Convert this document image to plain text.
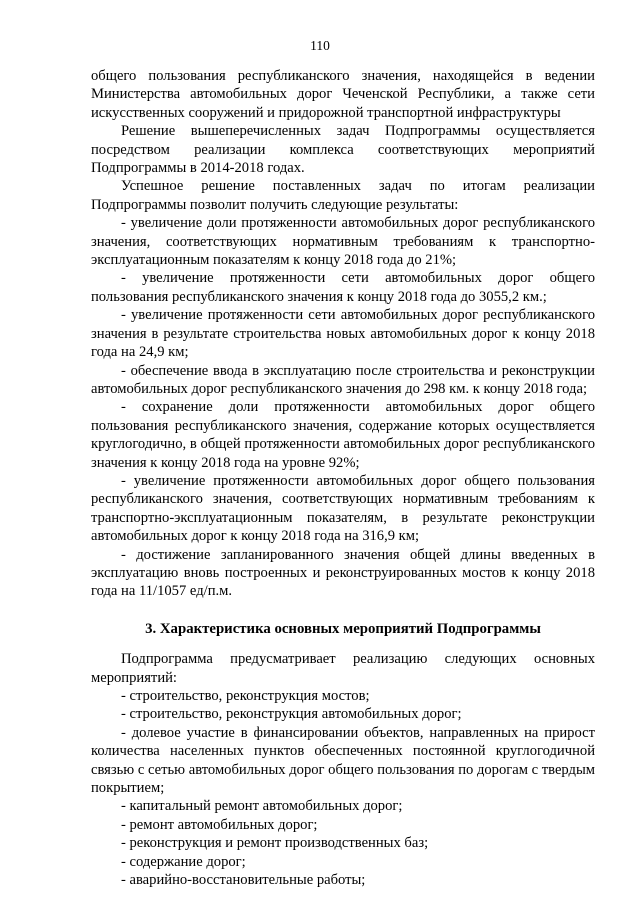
110

общего пользования республиканского значения, находящейся в ведении Министерства автомобильных дорог Чеченской Республики, а также сети искусственных сооружений и придорожной транспортной инфраструктуры

Решение вышеперечисленных задач Подпрограммы осуществляется посредством реализации комплекса соответствующих мероприятий Подпрограммы в 2014-2018 годах.

Успешное решение поставленных задач по итогам реализации Подпрограммы позволит получить следующие результаты:

- увеличение доли протяженности автомобильных дорог республиканского значения, соответствующих нормативным требованиям к транспортно-эксплуатационным показателям к концу 2018 года до 21%;

- увеличение протяженности сети автомобильных дорог общего пользования республиканского значения к концу 2018 года до 3055,2 км.;

- увеличение протяженности сети автомобильных дорог республиканского значения в результате строительства новых автомобильных дорог к концу 2018 года на 24,9 км;

- обеспечение ввода в эксплуатацию после строительства и реконструкции автомобильных дорог республиканского значения до 298 км. к концу 2018 года;

- сохранение доли протяженности автомобильных дорог общего пользования республиканского значения, содержание которых осуществляется круглогодично, в общей протяженности автомобильных дорог республиканского значения к концу 2018 года на уровне 92%;

- увеличение протяженности автомобильных дорог общего пользования республиканского значения, соответствующих нормативным требованиям к транспортно-эксплуатационным показателям, в результате реконструкции автомобильных дорог к концу 2018 года на 316,9 км;

- достижение запланированного значения общей длины введенных в эксплуатацию вновь построенных и реконструированных мостов к концу 2018 года на 11/1057 ед/п.м.

3. Характеристика основных мероприятий Подпрограммы

Подпрограмма предусматривает реализацию следующих основных мероприятий:

- строительство, реконструкция мостов;

- строительство, реконструкция автомобильных дорог;

- долевое участие в финансировании объектов, направленных на прирост количества населенных пунктов обеспеченных постоянной круглогодичной связью с сетью автомобильных дорог общего пользования по дорогам с твердым покрытием;

- капитальный ремонт автомобильных дорог;

- ремонт автомобильных дорог;

- реконструкция и ремонт производственных баз;

- содержание дорог;

- аварийно-восстановительные работы;
